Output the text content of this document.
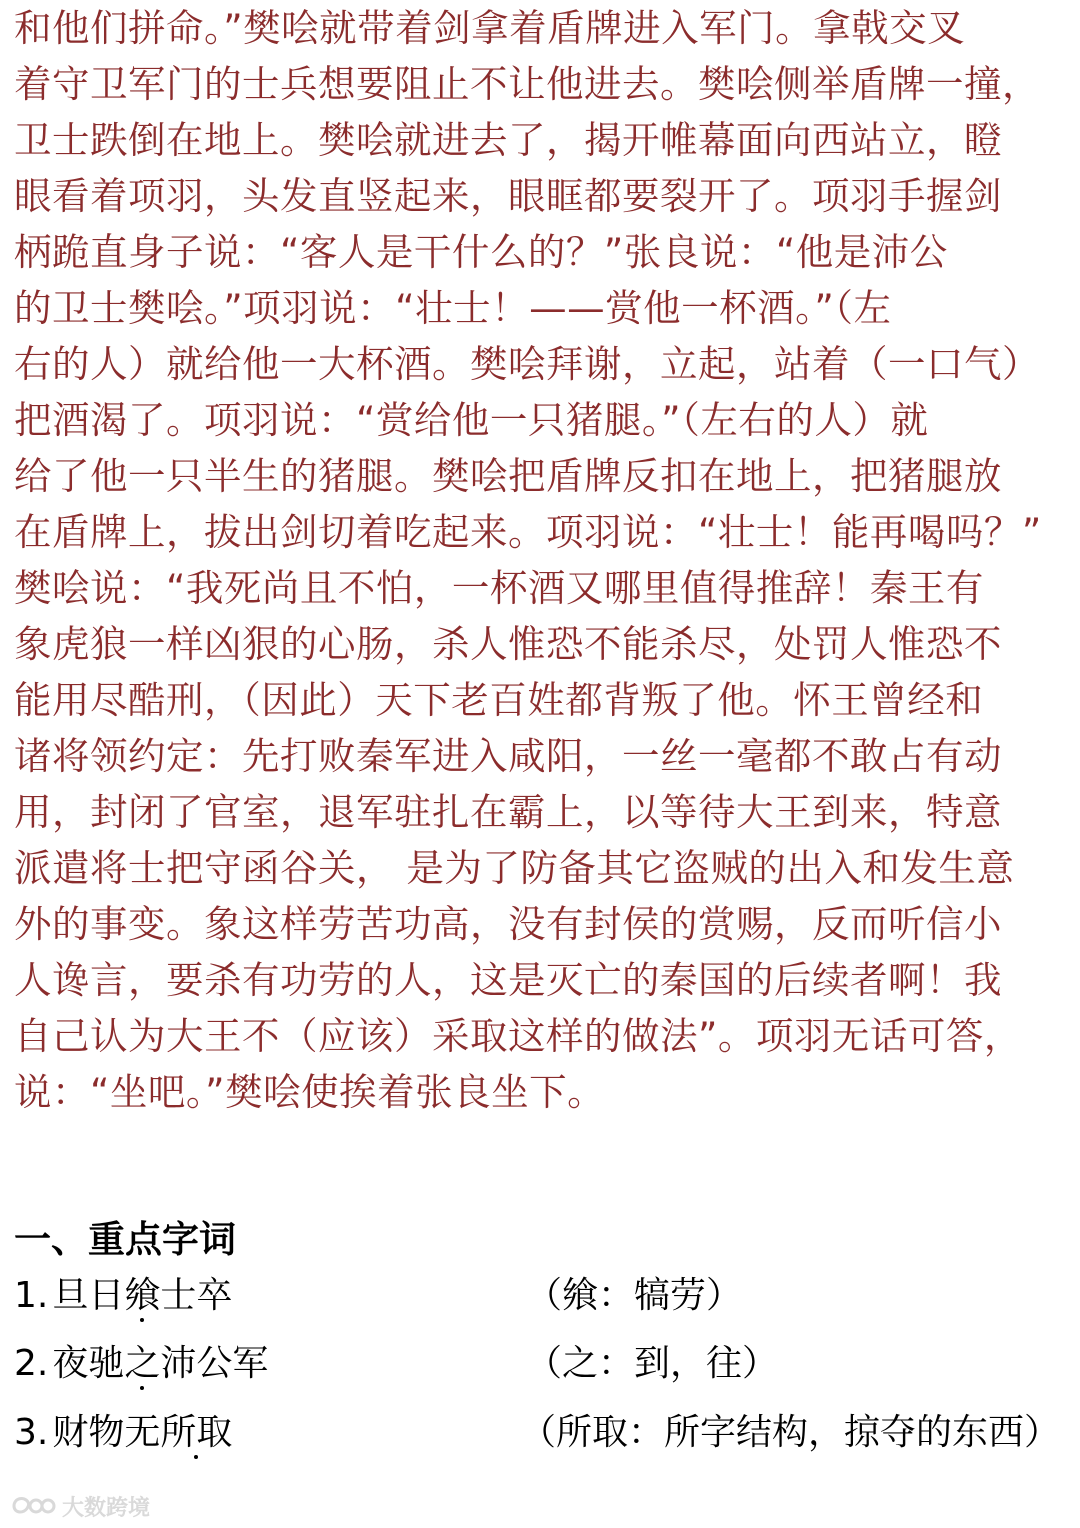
和他们拼命。”樊哙就带着剑拿着盾牌进入军门。拿戟交叉
着守卫军门的士兵想要阻止不让他进去。樊哙侧举盾牌一撞，
卫士跌倒在地上。樊哙就进去了，揭开帷幕面向西站立，瞪
眼看着项羽，头发直竖起来，眼眶都要裂开了。项羽手握剑
柄跪直身子说：“客人是干什么的？”张良说：“他是沛公
的卫士樊哙。”项羽说：“壮士！——赏他一杯酒。”（左
右的人）就给他一大杯酒。樊哙拜谢，立起，站着（一口气）
把酒渴了。项羽说：“赏给他一只猪腿。”（左右的人）就
给了他一只半生的猪腿。樊哙把盾牌反扣在地上，把猪腿放
在盾牌上，拔出剑切着吃起来。项羽说：“壮士！能再喝吗？”
樊哙说：“我死尚且不怕，一杯酒又哪里值得推辞！秦王有
象虎狼一样凶狠的心肠，杀人惟恐不能杀尽，处罚人惟恐不
能用尽酷刑，（因此）天下老百姓都背叛了他。怀王曾经和
诸将领约定：先打败秦军进入咸阳，一丝一毫都不敢占有动
用，封闭了官室，退军驻扎在霸上，以等待大王到来，特意
派遣将士把守函谷关， 是为了防备其它盗贼的出入和发生意
外的事变。象这样劳苦功高，没有封侯的赏赐，反而听信小
人谗言，要杀有功劳的人，这是灭亡的秦国的后续者啊！我
自己认为大王不（应该）采取这样的做法”。项羽无话可答，
说：“坐吧。”樊哙使挨着张良坐下。
一、重点字词
1. 旦日飨士卒	（飨：犒劳）
2. 夜驰之沛公军	（之：到，往）
3. 财物无所取	（所取：所字结构，掠夺的东西）
大数跨境
